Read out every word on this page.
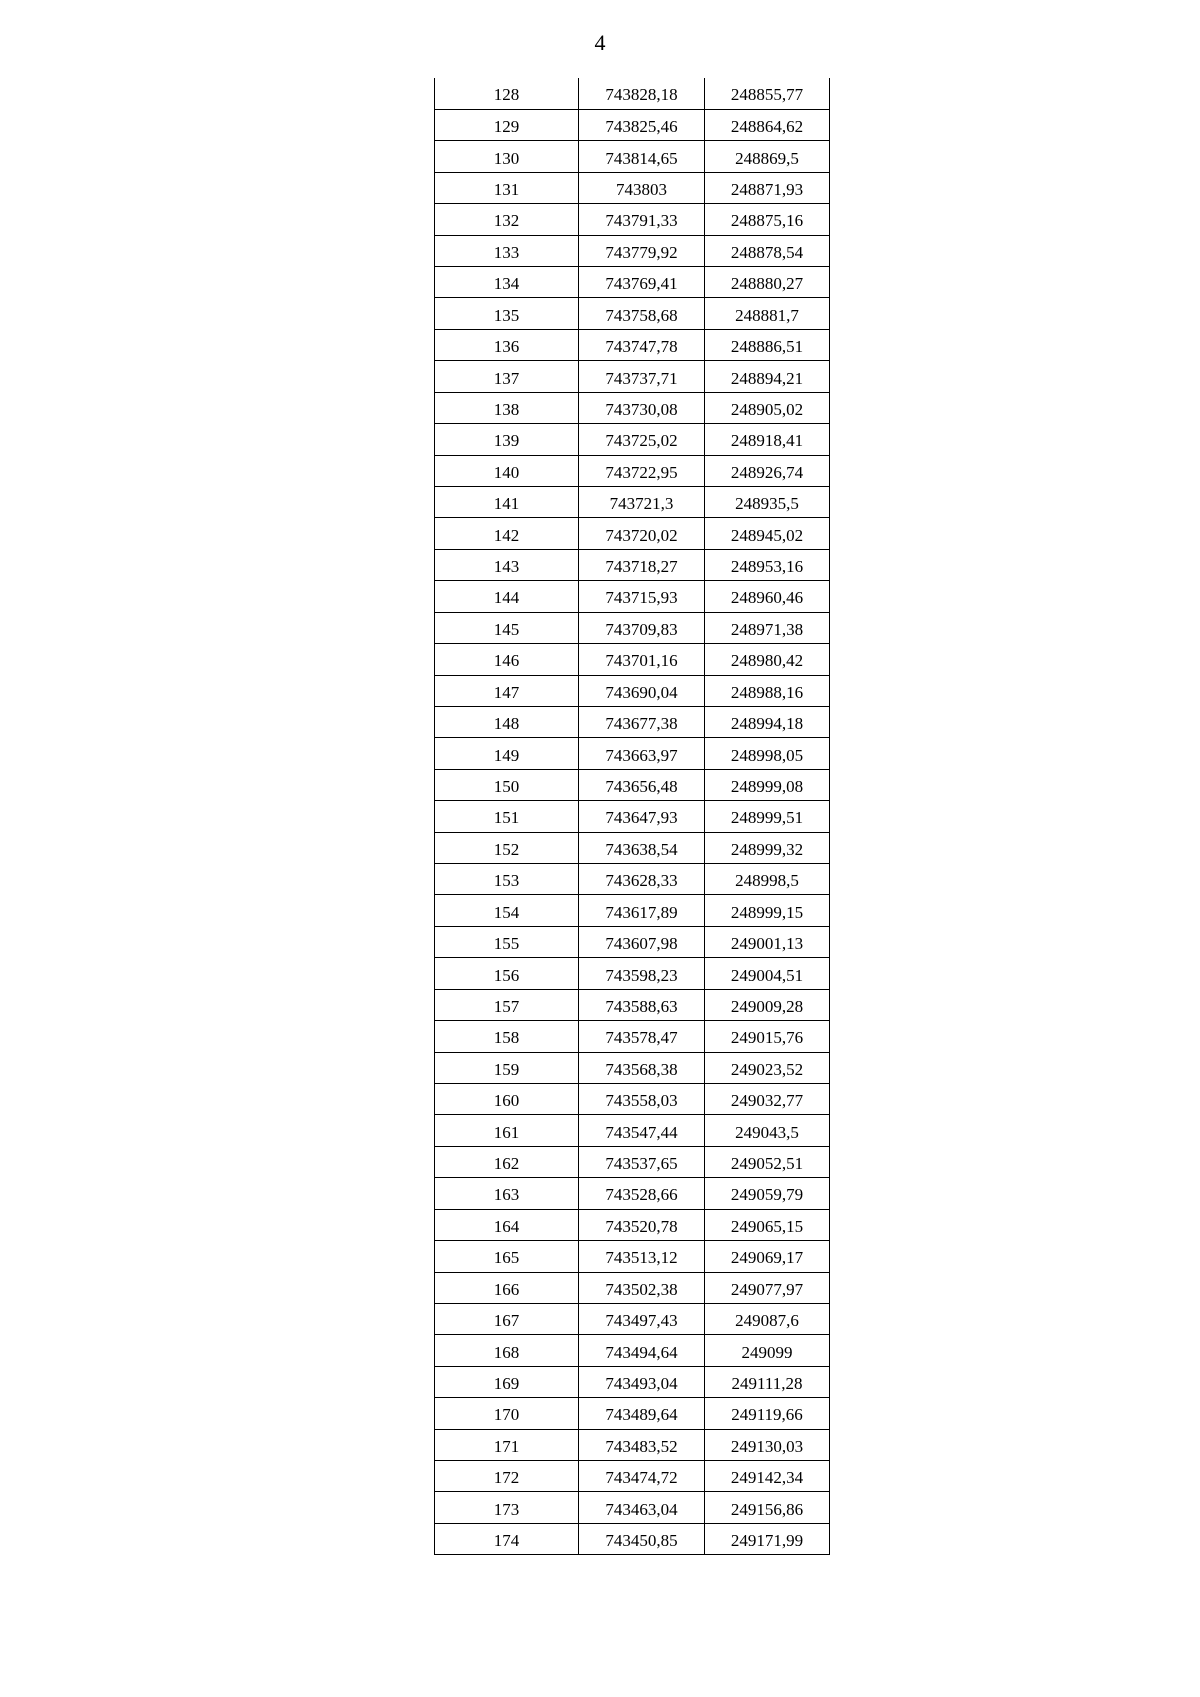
4
128	743828,18	248855,77
129	743825,46	248864,62
130	743814,65	248869,5
131	743803	248871,93
132	743791,33	248875,16
133	743779,92	248878,54
134	743769,41	248880,27
135	743758,68	248881,7
136	743747,78	248886,51
137	743737,71	248894,21
138	743730,08	248905,02
139	743725,02	248918,41
140	743722,95	248926,74
141	743721,3	248935,5
142	743720,02	248945,02
143	743718,27	248953,16
144	743715,93	248960,46
145	743709,83	248971,38
146	743701,16	248980,42
147	743690,04	248988,16
148	743677,38	248994,18
149	743663,97	248998,05
150	743656,48	248999,08
151	743647,93	248999,51
152	743638,54	248999,32
153	743628,33	248998,5
154	743617,89	248999,15
155	743607,98	249001,13
156	743598,23	249004,51
157	743588,63	249009,28
158	743578,47	249015,76
159	743568,38	249023,52
160	743558,03	249032,77
161	743547,44	249043,5
162	743537,65	249052,51
163	743528,66	249059,79
164	743520,78	249065,15
165	743513,12	249069,17
166	743502,38	249077,97
167	743497,43	249087,6
168	743494,64	249099
169	743493,04	249111,28
170	743489,64	249119,66
171	743483,52	249130,03
172	743474,72	249142,34
173	743463,04	249156,86
174	743450,85	249171,99
